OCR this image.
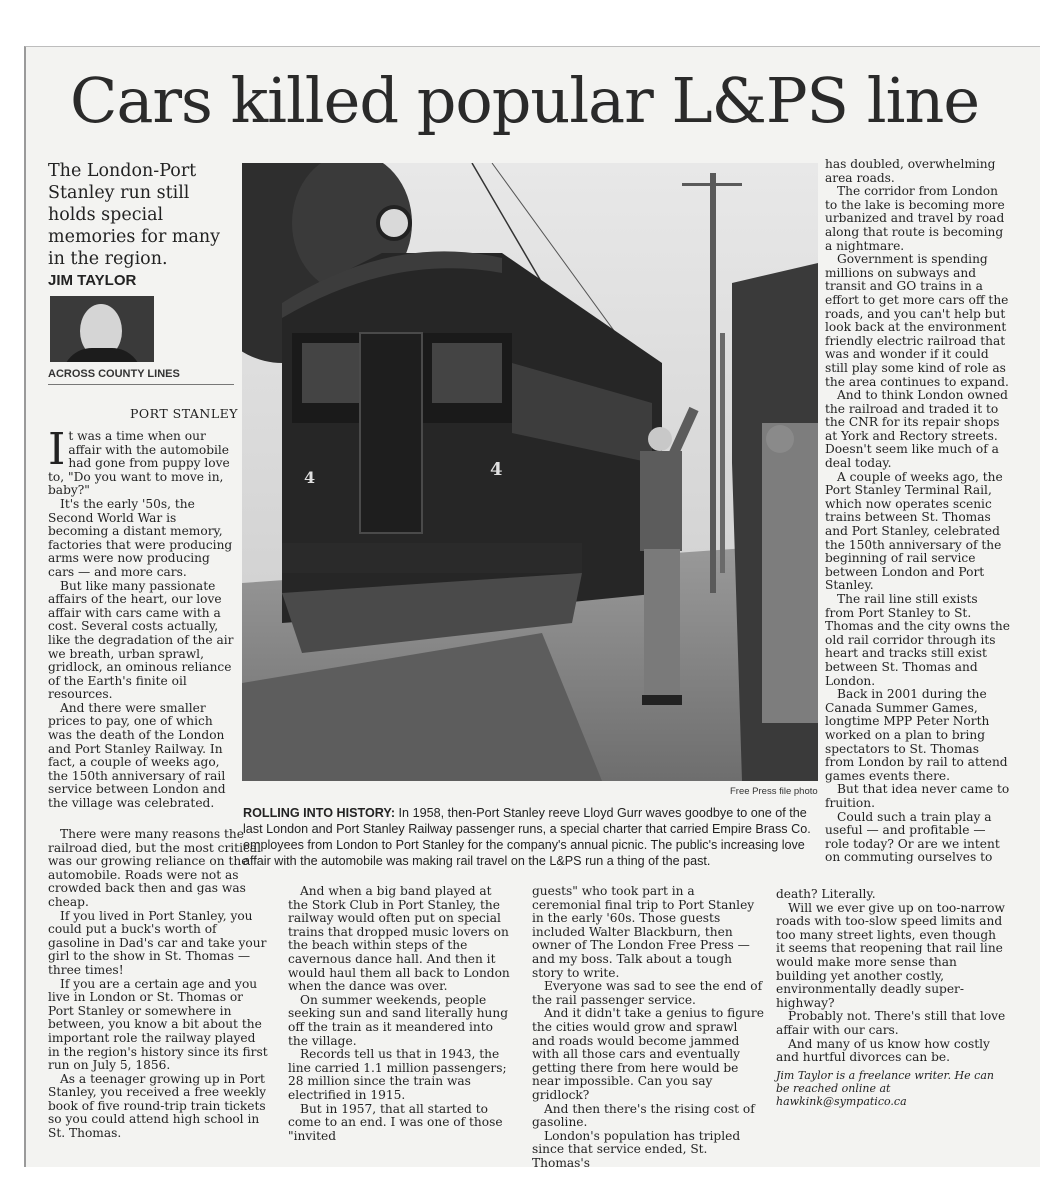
Cars killed popular L&PS line
The London-Port Stanley run still holds special memories for many in the region.
JIM TAYLOR
ACROSS COUNTY LINES
PORT STANLEY
4	4
Free Press file photo
ROLLING INTO HISTORY: In 1958, then-Port Stanley reeve Lloyd Gurr waves goodbye to one of the last London and Port Stanley Railway passenger runs, a special charter that carried Empire Brass Co. employees from London to Port Stanley for the company's annual picnic. The public's increasing love affair with the automobile was making rail travel on the L&PS run a thing of the past.

It was a time when our affair with the automobile had gone from puppy love to, "Do you want to move in, baby?"

It's the early '50s, the Second World War is becoming a distant memory, factories that were producing arms were now producing cars — and more cars.

But like many passionate affairs of the heart, our love affair with cars came with a cost. Several costs actually, like the degradation of the air we breath, urban sprawl, gridlock, an ominous reliance of the Earth's finite oil resources.

And there were smaller prices to pay, one of which was the death of the London and Port Stanley Railway. In fact, a couple of weeks ago, the 150th anniversary of rail service between London and the village was celebrated.

There were many reasons the railroad died, but the most critical was our growing reliance on the automobile. Roads were not as crowded back then and gas was cheap.

If you lived in Port Stanley, you could put a buck's worth of gasoline in Dad's car and take your girl to the show in St. Thomas — three times!

If you are a certain age and you live in London or St. Thomas or Port Stanley or somewhere in between, you know a bit about the important role the railway played in the region's history since its first run on July 5, 1856.

As a teenager growing up in Port Stanley, you received a free weekly book of five round-trip train tickets so you could attend high school in St. Thomas.

And when a big band played at the Stork Club in Port Stanley, the railway would often put on special trains that dropped music lovers on the beach within steps of the cavernous dance hall. And then it would haul them all back to London when the dance was over.

On summer weekends, people seeking sun and sand literally hung off the train as it meandered into the village.

Records tell us that in 1943, the line carried 1.1 million passengers; 28 million since the train was electrified in 1915.

But in 1957, that all started to come to an end. I was one of those "invited

guests" who took part in a ceremonial final trip to Port Stanley in the early '60s. Those guests included Walter Blackburn, then owner of The London Free Press — and my boss. Talk about a tough story to write.

Everyone was sad to see the end of the rail passenger service.

And it didn't take a genius to figure the cities would grow and sprawl and roads would become jammed with all those cars and eventually getting there from here would be near impossible. Can you say gridlock?

And then there's the rising cost of gasoline.

London's population has tripled since that service ended, St. Thomas's

has doubled, overwhelming area roads.

The corridor from London to the lake is becoming more urbanized and travel by road along that route is becoming a nightmare.

Government is spending millions on subways and transit and GO trains in a effort to get more cars off the roads, and you can't help but look back at the environment friendly electric railroad that was and wonder if it could still play some kind of role as the area continues to expand.

And to think London owned the railroad and traded it to the CNR for its repair shops at York and Rectory streets. Doesn't seem like much of a deal today.

A couple of weeks ago, the Port Stanley Terminal Rail, which now operates scenic trains between St. Thomas and Port Stanley, celebrated the 150th anniversary of the beginning of rail service between London and Port Stanley.

The rail line still exists from Port Stanley to St. Thomas and the city owns the old rail corridor through its heart and tracks still exist between St. Thomas and London.

Back in 2001 during the Canada Summer Games, longtime MPP Peter North worked on a plan to bring spectators to St. Thomas from London by rail to attend games events there.

But that idea never came to fruition.

Could such a train play a useful — and profitable — role today? Or are we intent on commuting ourselves to

death? Literally.

Will we ever give up on too-narrow roads with too-slow speed limits and too many street lights, even though it seems that reopening that rail line would make more sense than building yet another costly, environmentally deadly super-highway?

Probably not. There's still that love affair with our cars.

And many of us know how costly and hurtful divorces can be.

Jim Taylor is a freelance writer. He can be reached online at hawkink@sympatico.ca
